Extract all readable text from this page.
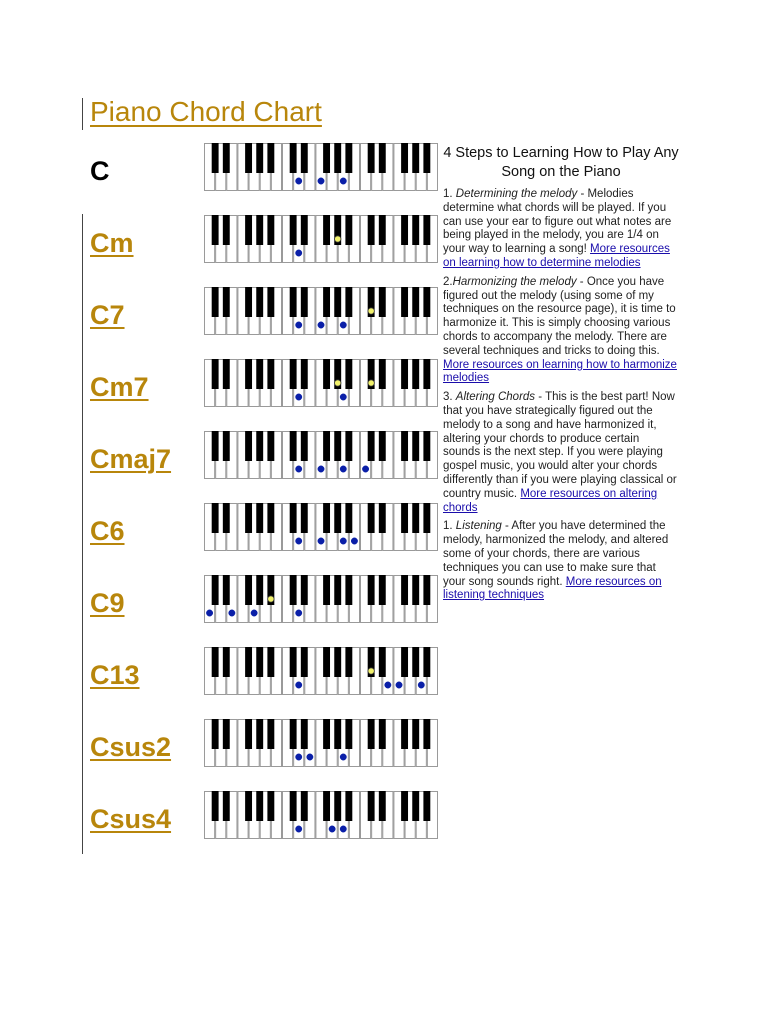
Piano Chord Chart
C
Cm
C7
Cm7
Cmaj7
C6
C9
C13
Csus2
Csus4
4 Steps to Learning How to Play Any Song on the Piano

1. Determining the melody - Melodies determine what chords will be played. If you can use your ear to figure out what notes are being played in the melody, you are 1/4 on your way to learning a song! More resources on learning how to determine melodies

2.Harmonizing the melody - Once you have figured out the melody (using some of my techniques on the resource page), it is time to harmonize it. This is simply choosing various chords to accompany the melody. There are several techniques and tricks to doing this. More resources on learning how to harmonize melodies

3. Altering Chords - This is the best part! Now that you have strategically figured out the melody to a song and have harmonized it, altering your chords to produce certain sounds is the next step. If you were playing gospel music, you would alter your chords differently than if you were playing classical or country music. More resources on altering chords

1. Listening - After you have determined the melody, harmonized the melody, and altered some of your chords, there are various techniques you can use to make sure that your song sounds right. More resources on listening techniques
